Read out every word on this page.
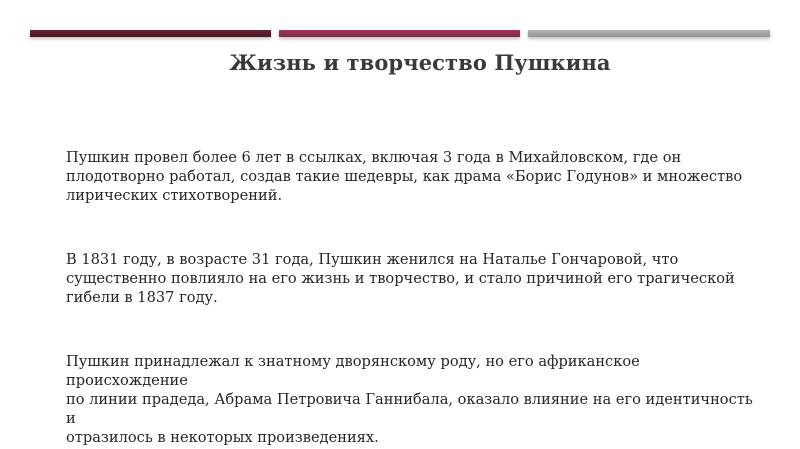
Жизнь и творчество Пушкина

Пушкин провел более 6 лет в ссылках, включая 3 года в Михайловском, где он
плодотворно работал, создав такие шедевры, как драма «Борис Годунов» и множество
лирических стихотворений.

В 1831 году, в возрасте 31 года, Пушкин женился на Наталье Гончаровой, что
существенно повлияло на его жизнь и творчество, и стало причиной его трагической
гибели в 1837 году.

Пушкин принадлежал к знатному дворянскому роду, но его африканское происхождение
по линии прадеда, Абрама Петровича Ганнибала, оказало влияние на его идентичность и
отразилось в некоторых произведениях.
